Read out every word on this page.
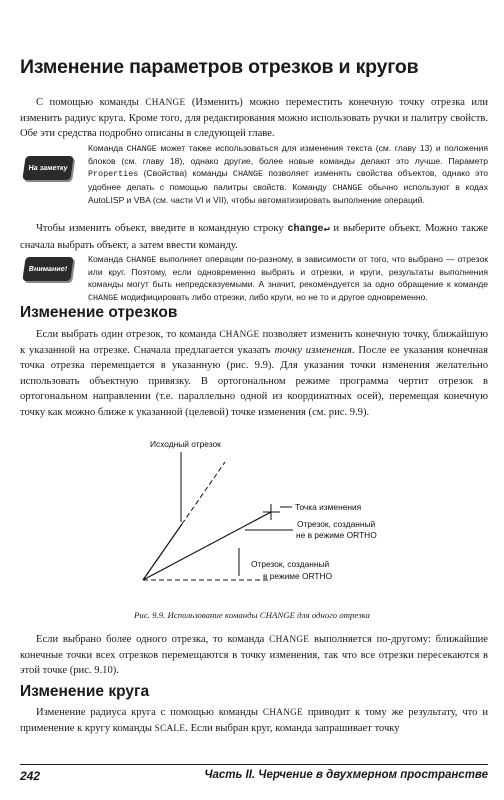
Изменение параметров отрезков и кругов

С помощью команды CHANGE (Изменить) можно переместить конечную точку отрезка или изменить радиус круга. Кроме того, для редактирования можно использовать ручки и палитру свойств. Обе эти средства подробно описаны в следующей главе.

На заметку

Команда CHANGE может также использоваться для изменения текста (см. главу 13) и положения блоков (см. главу 18), однако другие, более новые команды делают это лучше. Параметр Properties (Свойства) команды CHANGE позволяет изменять свойства объектов, однако это удобнее делать с помощью палитры свойств. Команду CHANGE обычно используют в кодах AutoLISP и VBA (см. части VI и VII), чтобы автоматизировать выполнение операций.

Чтобы изменить объект, введите в командную строку change↵ и выберите объект. Можно также сначала выбрать объект, а затем ввести команду.

Внимание!

Команда CHANGE выполняет операции по-разному, в зависимости от того, что выбрано — отрезок или круг. Поэтому, если одновременно выбрать и отрезки, и круги, результаты выполнения команды могут быть непредсказуемыми. А значит, рекомендуется за одно обращение к команде CHANGE модифицировать либо отрезки, либо круги, но не то и другое одновременно.

Изменение отрезков

Если выбрать один отрезок, то команда CHANGE позволяет изменить конечную точку, ближайшую к указанной на отрезке. Сначала предлагается указать точку изменения. После ее указания конечная точка отрезка перемещается в указанную (рис. 9.9). Для указания точки изменения желательно использовать объектную привязку. В ортогональном режиме программа чертит отрезок в ортогональном направлении (т.е. параллельно одной из координатных осей), перемещая конечную точку как можно ближе к указанной (целевой) точке изменения (см. рис. 9.9).

Исходный отрезок
Точка изменения
Отрезок, созданный
не в режиме ORTHO
Отрезок, созданный
в режиме ORTHO
Рис. 9.9. Использование команды CHANGE для одного отрезка

Если выбрано более одного отрезка, то команда CHANGE выполняется по-другому: ближайшие конечные точки всех отрезков перемещаются в точку изменения, так что все отрезки пересекаются в этой точке (рис. 9.10).

Изменение круга

Изменение радиуса круга с помощью команды CHANGE приводит к тому же результату, что и применение к кругу команды SCALE. Если выбран круг, команда запрашивает точку

242	Часть II. Черчение в двухмерном пространстве
